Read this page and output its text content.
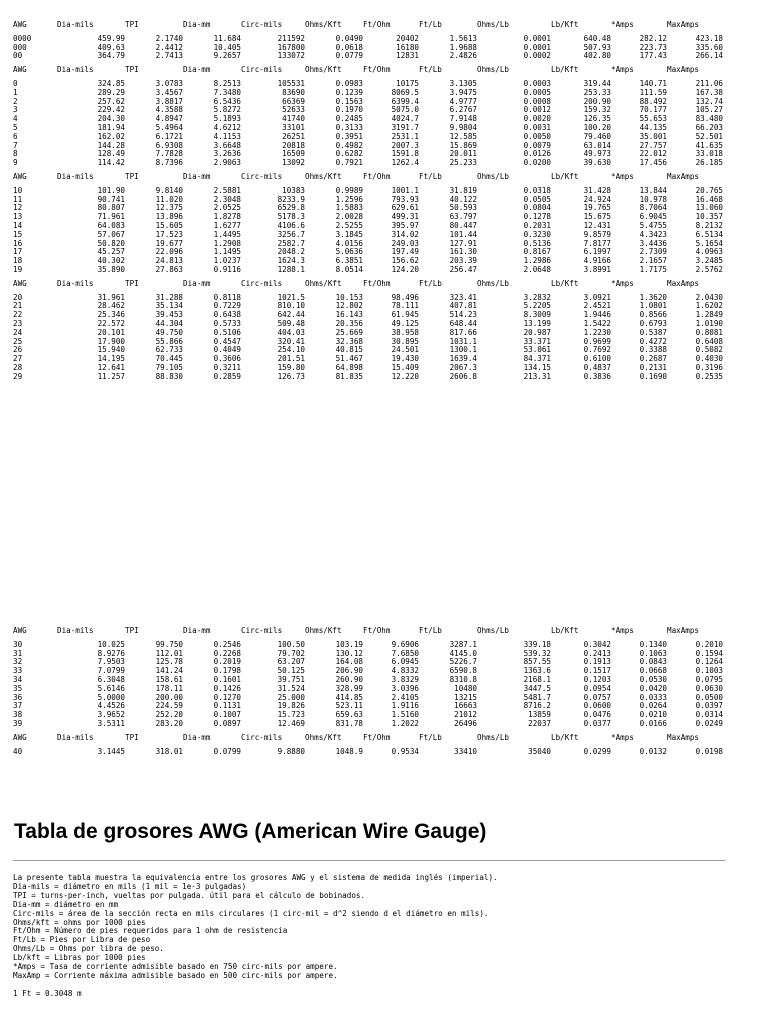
AWG	Dia-mils	TPI	Dia-mm	Circ-mils	Ohms/Kft	Ft/Ohm	Ft/Lb	Ohms/Lb	Lb/Kft	*Amps	MaxAmps

0000	459.99	2.1740	11.684	211592	0.0490	20402	1.5613	0.0001	640.48	282.12	423.18
000	409.63	2.4412	10.405	167800	0.0618	16180	1.9688	0.0001	507.93	223.73	335.60
00	364.79	2.7413	9.2657	133072	0.0779	12831	2.4826	0.0002	402.80	177.43	266.14

AWG	Dia-mils	TPI	Dia-mm	Circ-mils	Ohms/Kft	Ft/Ohm	Ft/Lb	Ohms/Lb	Lb/Kft	*Amps	MaxAmps

0	324.85	3.0783	8.2513	105531	0.0983	10175	3.1305	0.0003	319.44	140.71	211.06
1	289.29	3.4567	7.3480	83690	0.1239	8069.5	3.9475	0.0005	253.33	111.59	167.38
2	257.62	3.8817	6.5436	66369	0.1563	6399.4	4.9777	0.0008	200.90	88.492	132.74
3	229.42	4.3588	5.8272	52633	0.1970	5075.0	6.2767	0.0012	159.32	70.177	105.27
4	204.30	4.8947	5.1893	41740	0.2485	4024.7	7.9148	0.0020	126.35	55.653	83.480
5	181.94	5.4964	4.6212	33101	0.3133	3191.7	9.9804	0.0031	100.20	44.135	66.203
6	162.02	6.1721	4.1153	26251	0.3951	2531.1	12.585	0.0050	79.460	35.001	52.501
7	144.28	6.9308	3.6648	20818	0.4982	2007.3	15.869	0.0079	63.014	27.757	41.635
8	128.49	7.7828	3.2636	16509	0.6282	1591.8	20.011	0.0126	49.973	22.012	33.018
9	114.42	8.7396	2.9063	13092	0.7921	1262.4	25.233	0.0200	39.630	17.456	26.185

AWG	Dia-mils	TPI	Dia-mm	Circ-mils	Ohms/Kft	Ft/Ohm	Ft/Lb	Ohms/Lb	Lb/Kft	*Amps	MaxAmps

10	101.90	9.8140	2.5881	10383	0.9989	1001.1	31.819	0.0318	31.428	13.844	20.765
11	90.741	11.020	2.3048	8233.9	1.2596	793.93	40.122	0.0505	24.924	10.978	16.468
12	80.807	12.375	2.0525	6529.8	1.5883	629.61	50.593	0.0804	19.765	8.7064	13.060
13	71.961	13.896	1.8278	5178.3	2.0028	499.31	63.797	0.1278	15.675	6.9045	10.357
14	64.083	15.605	1.6277	4106.6	2.5255	395.97	80.447	0.2031	12.431	5.4755	8.2132
15	57.067	17.523	1.4495	3256.7	3.1845	314.02	101.44	0.3230	9.8579	4.3423	6.5134
16	50.820	19.677	1.2908	2582.7	4.0156	249.03	127.91	0.5136	7.8177	3.4436	5.1654
17	45.257	22.096	1.1495	2048.2	5.0636	197.49	161.30	0.8167	6.1997	2.7309	4.0963
18	40.302	24.813	1.0237	1624.3	6.3851	156.62	203.39	1.2986	4.9166	2.1657	3.2485
19	35.890	27.863	0.9116	1288.1	8.0514	124.20	256.47	2.0648	3.8991	1.7175	2.5762

AWG	Dia-mils	TPI	Dia-mm	Circ-mils	Ohms/Kft	Ft/Ohm	Ft/Lb	Ohms/Lb	Lb/Kft	*Amps	MaxAmps

20	31.961	31.288	0.8118	1021.5	10.153	98.496	323.41	3.2832	3.0921	1.3620	2.0430
21	28.462	35.134	0.7229	810.10	12.802	78.111	407.81	5.2205	2.4521	1.0801	1.6202
22	25.346	39.453	0.6438	642.44	16.143	61.945	514.23	8.3009	1.9446	0.8566	1.2849
23	22.572	44.304	0.5733	509.48	20.356	49.125	648.44	13.199	1.5422	0.6793	1.0190
24	20.101	49.750	0.5106	404.03	25.669	38.958	817.66	20.987	1.2230	0.5387	0.8081
25	17.900	55.866	0.4547	320.41	32.368	30.895	1031.1	33.371	0.9699	0.4272	0.6408
26	15.940	62.733	0.4049	254.10	40.815	24.501	1300.1	53.061	0.7692	0.3388	0.5082
27	14.195	70.445	0.3606	201.51	51.467	19.430	1639.4	84.371	0.6100	0.2687	0.4030
28	12.641	79.105	0.3211	159.80	64.898	15.409	2067.3	134.15	0.4837	0.2131	0.3196
29	11.257	88.830	0.2859	126.73	81.835	12.220	2606.8	213.31	0.3836	0.1690	0.2535

AWG	Dia-mils	TPI	Dia-mm	Circ-mils	Ohms/Kft	Ft/Ohm	Ft/Lb	Ohms/Lb	Lb/Kft	*Amps	MaxAmps

30	10.025	99.750	0.2546	100.50	103.19	9.6906	3287.1	339.18	0.3042	0.1340	0.2010
31	8.9276	112.01	0.2268	79.702	130.12	7.6850	4145.0	539.32	0.2413	0.1063	0.1594
32	7.9503	125.78	0.2019	63.207	164.08	6.0945	5226.7	857.55	0.1913	0.0843	0.1264
33	7.0799	141.24	0.1798	50.125	206.90	4.8332	6590.8	1363.6	0.1517	0.0668	0.1003
34	6.3048	158.61	0.1601	39.751	260.90	3.8329	8310.8	2168.1	0.1203	0.0530	0.0795
35	5.6146	178.11	0.1426	31.524	328.99	3.0396	10480	3447.5	0.0954	0.0420	0.0630
36	5.0000	200.00	0.1270	25.000	414.85	2.4105	13215	5481.7	0.0757	0.0333	0.0500
37	4.4526	224.59	0.1131	19.826	523.11	1.9116	16663	8716.2	0.0600	0.0264	0.0397
38	3.9652	252.20	0.1007	15.723	659.63	1.5160	21012	13859	0.0476	0.0210	0.0314
39	3.5311	283.20	0.0897	12.469	831.78	1.2022	26496	22037	0.0377	0.0166	0.0249

AWG	Dia-mils	TPI	Dia-mm	Circ-mils	Ohms/Kft	Ft/Ohm	Ft/Lb	Ohms/Lb	Lb/Kft	*Amps	MaxAmps

40	3.1445	318.01	0.0799	9.8880	1048.9	0.9534	33410	35040	0.0299	0.0132	0.0198

Tabla de grosores AWG (American Wire Gauge)
La presente tabla muestra la equivalencia entre los grosores AWG y el sistema de medida inglés (imperial).
Dia-mils = diámetro en mils (1 mil = 1e-3 pulgadas)
TPI = turns-per-inch, vueltas por pulgada. útil para el cálculo de bobinados.
Dia-mm = diámetro en mm
Circ-mils = área de la sección recta en mils circulares (1 circ-mil = d^2 siendo d el diámetro en mils).
Ohms/kft = ohms por 1000 pies
Ft/Ohm = Número de pies requeridos para 1 ohm de resistencia
Ft/Lb = Pies por Libra de peso
Ohms/Lb = Ohms por libra de peso.
Lb/kft = Libras por 1000 pies
*Amps = Tasa de corriente admisible basado en 750 circ-mils por ampere.
MaxAmp = Corriente máxima admisible basado en 500 circ-mils por ampere.

1 Ft = 0.3048 m
